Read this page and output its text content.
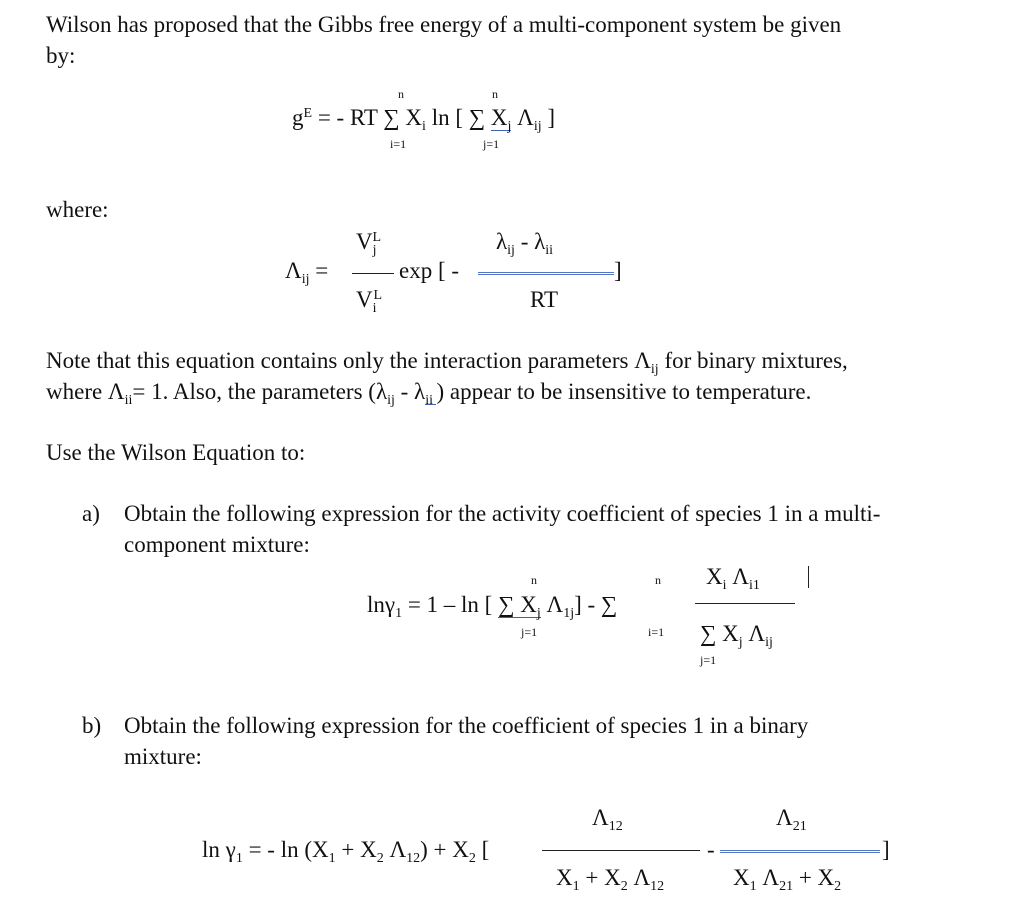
Wilson has proposed that the Gibbs free energy of a multi-component system be given
by:
n	n
$g^E$ = - RT ∑ $X_i$ ln [ ∑ $X_j$ $\Lambda_{ij}$ ]
i=1	j=1
where:
$V_j^L$
$\Lambda_{ij}$ =	exp [ -
$\lambda_{ij} - \lambda_{ii}$
]
$V_i^L$	RT
Note that this equation contains only the interaction parameters $\Lambda_{ij}$ for binary mixtures,
where $\Lambda_{ii}= 1$. Also, the parameters ($\lambda_{ij} - \lambda_{ii}$ ) appear to be insensitive to temperature.
Use the Wilson Equation to:
a) Obtain the following expression for the activity coefficient of species 1 in a multi-
component mixture:
n	n $X_i$ $\Lambda_{i1}$
lnγ$_1$ = 1 – ln [ ∑ $X_j$ $\Lambda_{1j}$] - ∑
j=1	i=1 ∑ $X_j$ $\Lambda_{ij}$
j=1
b) Obtain the following expression for the coefficient of species 1 in a binary
mixture:
$\Lambda_{12}$	$\Lambda_{21}$
$\ln \gamma_1$ = - $\ln (X_1 + X_2$ $\Lambda_{12}) + X_2$ [	-	]
$X_1 + X_2$ $\Lambda_{12}$	$X_1$ $\Lambda_{21} + X_2$
